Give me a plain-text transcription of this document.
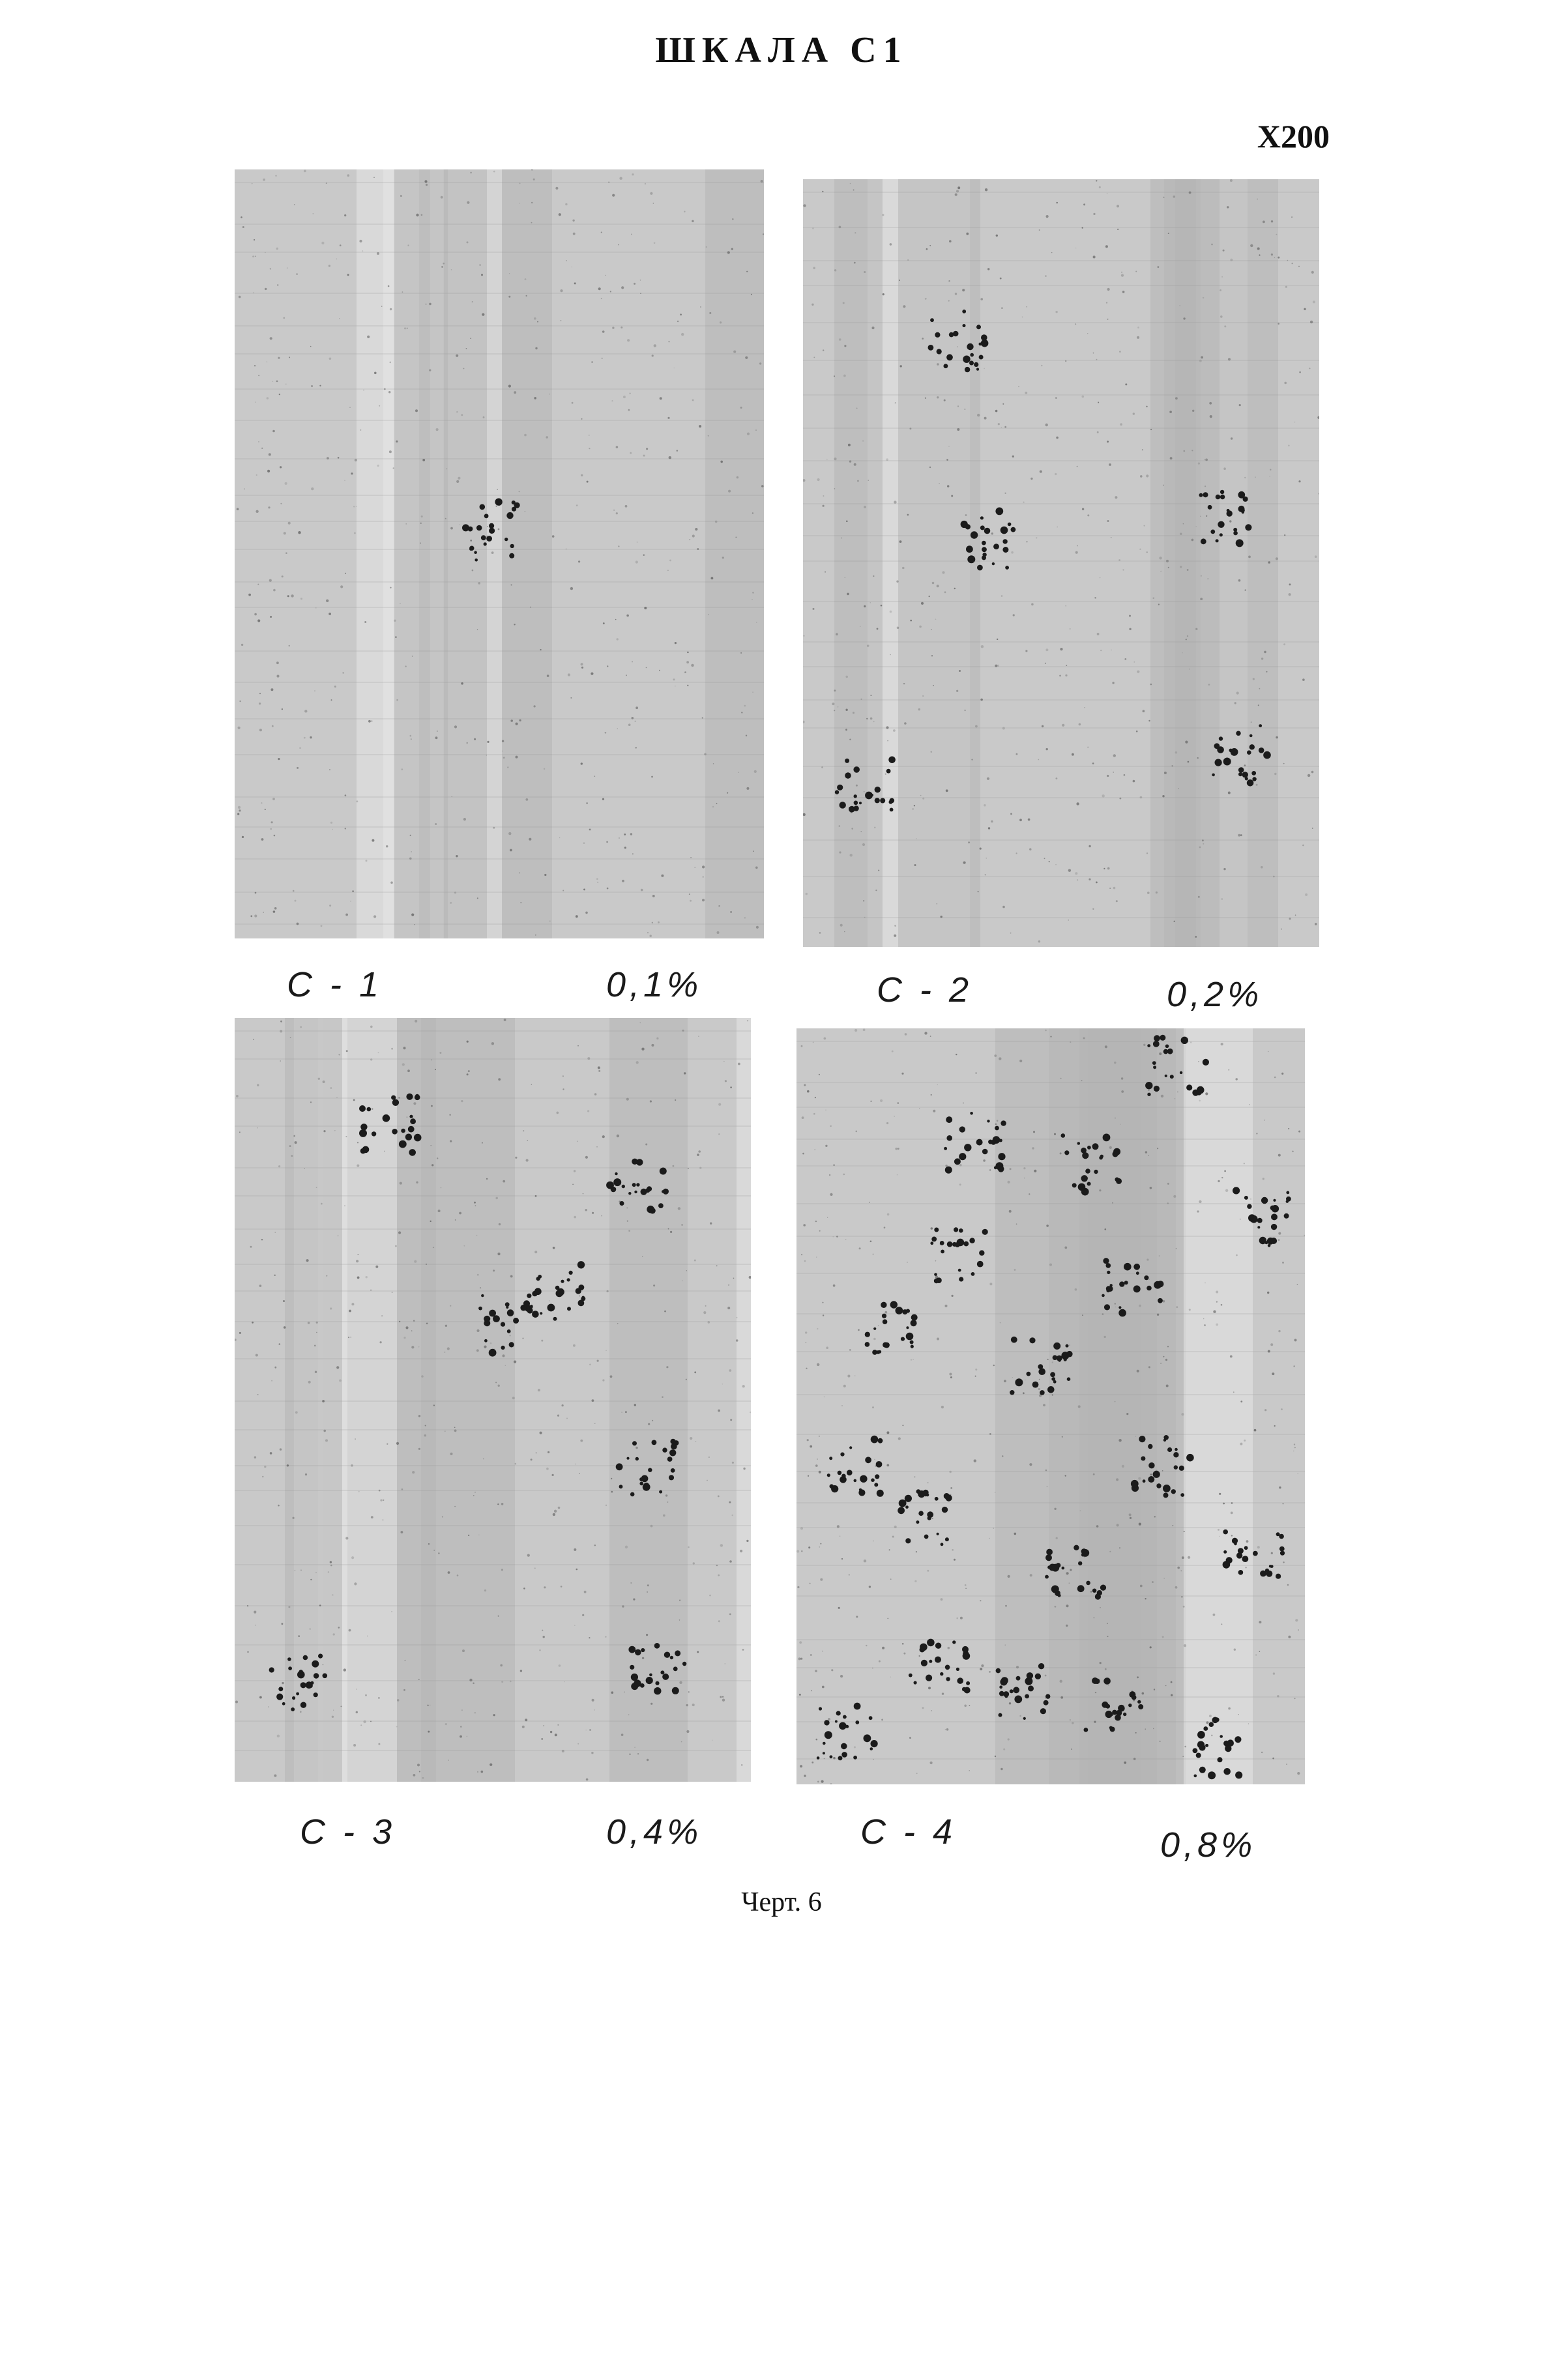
ШКАЛА С1
Х200
С - 1	0,1%	С - 2	0,2%
С - 3	0,4%	С - 4	0,8%
Черт. 6
